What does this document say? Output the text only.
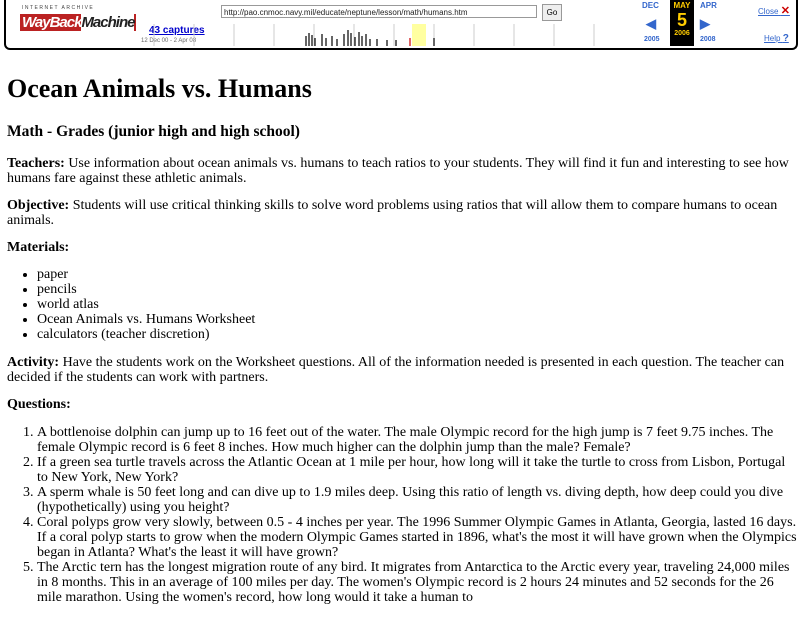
INTERNET ARCHIVE
WayBackMachine
http://pao.cnmoc.navy.mil/educate/neptune/lesson/math/humans.htm	Go
43 captures
12 Dec 00 - 2 Apr 08
DEC
◀
2005
MAY
5
2006
APR
▶
2008
Close ✕
Help ?
Ocean Animals vs. Humans
Math - Grades (junior high and high school)

Teachers: Use information about ocean animals vs. humans to teach ratios to your students. They will find it fun and interesting to see how humans fare against these athletic animals.

Objective: Students will use critical thinking skills to solve word problems using ratios that will allow them to compare humans to ocean animals.

Materials:

• paper
• pencils
• world atlas
• Ocean Animals vs. Humans Worksheet
• calculators (teacher discretion)

Activity: Have the students work on the Worksheet questions. All of the information needed is presented in each question. The teacher can decided if the students can work with partners.

Questions:

1. A bottlenoise dolphin can jump up to 16 feet out of the water. The male Olympic record for the high jump is 7 feet 9.75 inches. The female Olympic record is 6 feet 8 inches. How much higher can the dolphin jump than the male? Female?
2. If a green sea turtle travels across the Atlantic Ocean at 1 mile per hour, how long will it take the turtle to cross from Lisbon, Portugal to New York, New York?
3. A sperm whale is 50 feet long and can dive up to 1.9 miles deep. Using this ratio of length vs. diving depth, how deep could you dive (hypothetically) using you height?
4. Coral polyps grow very slowly, between 0.5 - 4 inches per year. The 1996 Summer Olympic Games in Atlanta, Georgia, lasted 16 days. If a coral polyp starts to grow when the modern Olympic Games started in 1896, what's the most it will have grown when the Olympics began in Atlanta? What's the least it will have grown?
5. The Arctic tern has the longest migration route of any bird. It migrates from Antarctica to the Arctic every year, traveling 24,000 miles in 8 months. This in an average of 100 miles per day. The women's Olympic record is 2 hours 24 minutes and 52 seconds for the 26 mile marathon. Using the women's record, how long would it take a human to
